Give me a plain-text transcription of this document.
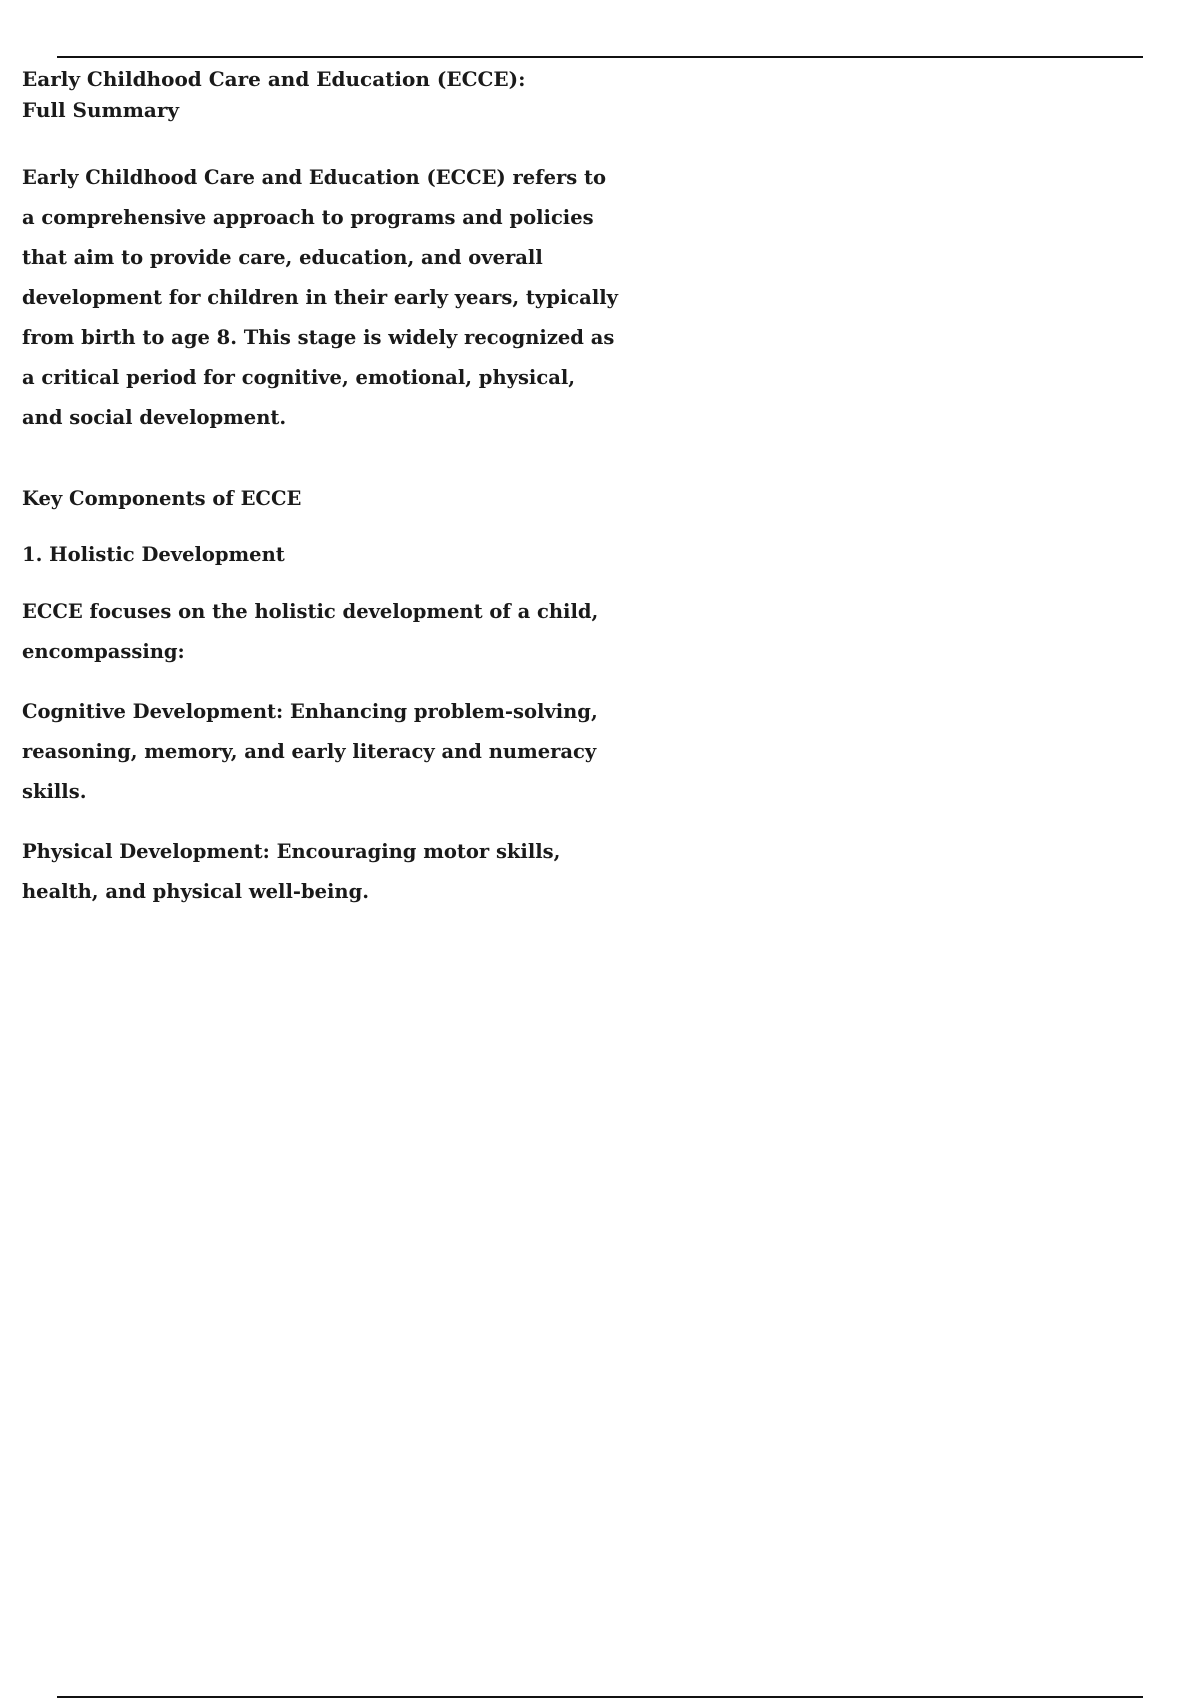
Early Childhood Care and Education (ECCE): Full Summary

Early Childhood Care and Education (ECCE) refers to a comprehensive approach to programs and policies that aim to provide care, education, and overall development for children in their early years, typically from birth to age 8. This stage is widely recognized as a critical period for cognitive, emotional, physical, and social development.

Key Components of ECCE
1. Holistic Development

ECCE focuses on the holistic development of a child, encompassing:

Cognitive Development: Enhancing problem-solving, reasoning, memory, and early literacy and numeracy skills.

Physical Development: Encouraging motor skills, health, and physical well-being.
